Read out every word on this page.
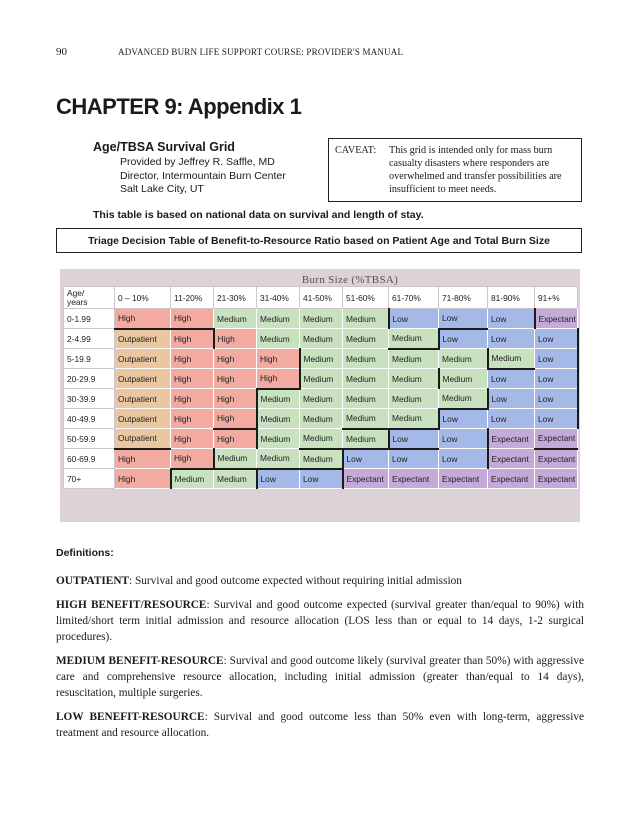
90	ADVANCED BURN LIFE SUPPORT COURSE: PROVIDER'S MANUAL
CHAPTER 9: Appendix 1
Age/TBSA Survival Grid
Provided by Jeffrey R. Saffle, MD
Director, Intermountain Burn Center
Salt Lake City, UT
CAVEAT: This grid is intended only for mass burn
casualty disasters where responders are
overwhelmed and transfer possibilities are
insufficient to meet needs.
This table is based on national data on survival and length of stay.
Triage Decision Table of Benefit-to-Resource Ratio based on Patient Age and Total Burn Size
Burn Size (%TBSA)
Age/
years	0 – 10%	11-20%	21-30%	31-40%	41-50%	51-60%	61-70%	71-80%	81-90%	91+%
0-1.99	High	High	Medium	Medium	Medium	Medium	Low	Low	Low	Expectant
2-4.99	Outpatient	High	High	Medium	Medium	Medium	Medium	Low	Low	Low
5-19.9	Outpatient	High	High	High	Medium	Medium	Medium	Medium	Medium	Low
20-29.9	Outpatient	High	High	High	Medium	Medium	Medium	Medium	Low	Low
30-39.9	Outpatient	High	High	Medium	Medium	Medium	Medium	Medium	Low	Low
40-49.9	Outpatient	High	High	Medium	Medium	Medium	Medium	Low	Low	Low
50-59.9	Outpatient	High	High	Medium	Medium	Medium	Low	Low	Expectant	Expectant
60-69.9	High	High	Medium	Medium	Medium	Low	Low	Low	Expectant	Expectant
70+	High	Medium	Medium	Low	Low	Expectant	Expectant	Expectant	Expectant	Expectant
Definitions:
OUTPATIENT: Survival and good outcome expected without requiring initial admission
HIGH BENEFIT/RESOURCE: Survival and good outcome expected (survival greater than/equal to 90%) with limited/short term initial admission and resource allocation (LOS less than or equal to 14 days, 1-2 surgical procedures).
MEDIUM BENEFIT-RESOURCE: Survival and good outcome likely (survival greater than 50%) with aggressive care and comprehensive resource allocation, including initial admission (greater than/equal to 14 days), resuscitation, multiple surgeries.
LOW BENEFIT-RESOURCE: Survival and good outcome less than 50% even with long-term, aggressive treatment and resource allocation.
